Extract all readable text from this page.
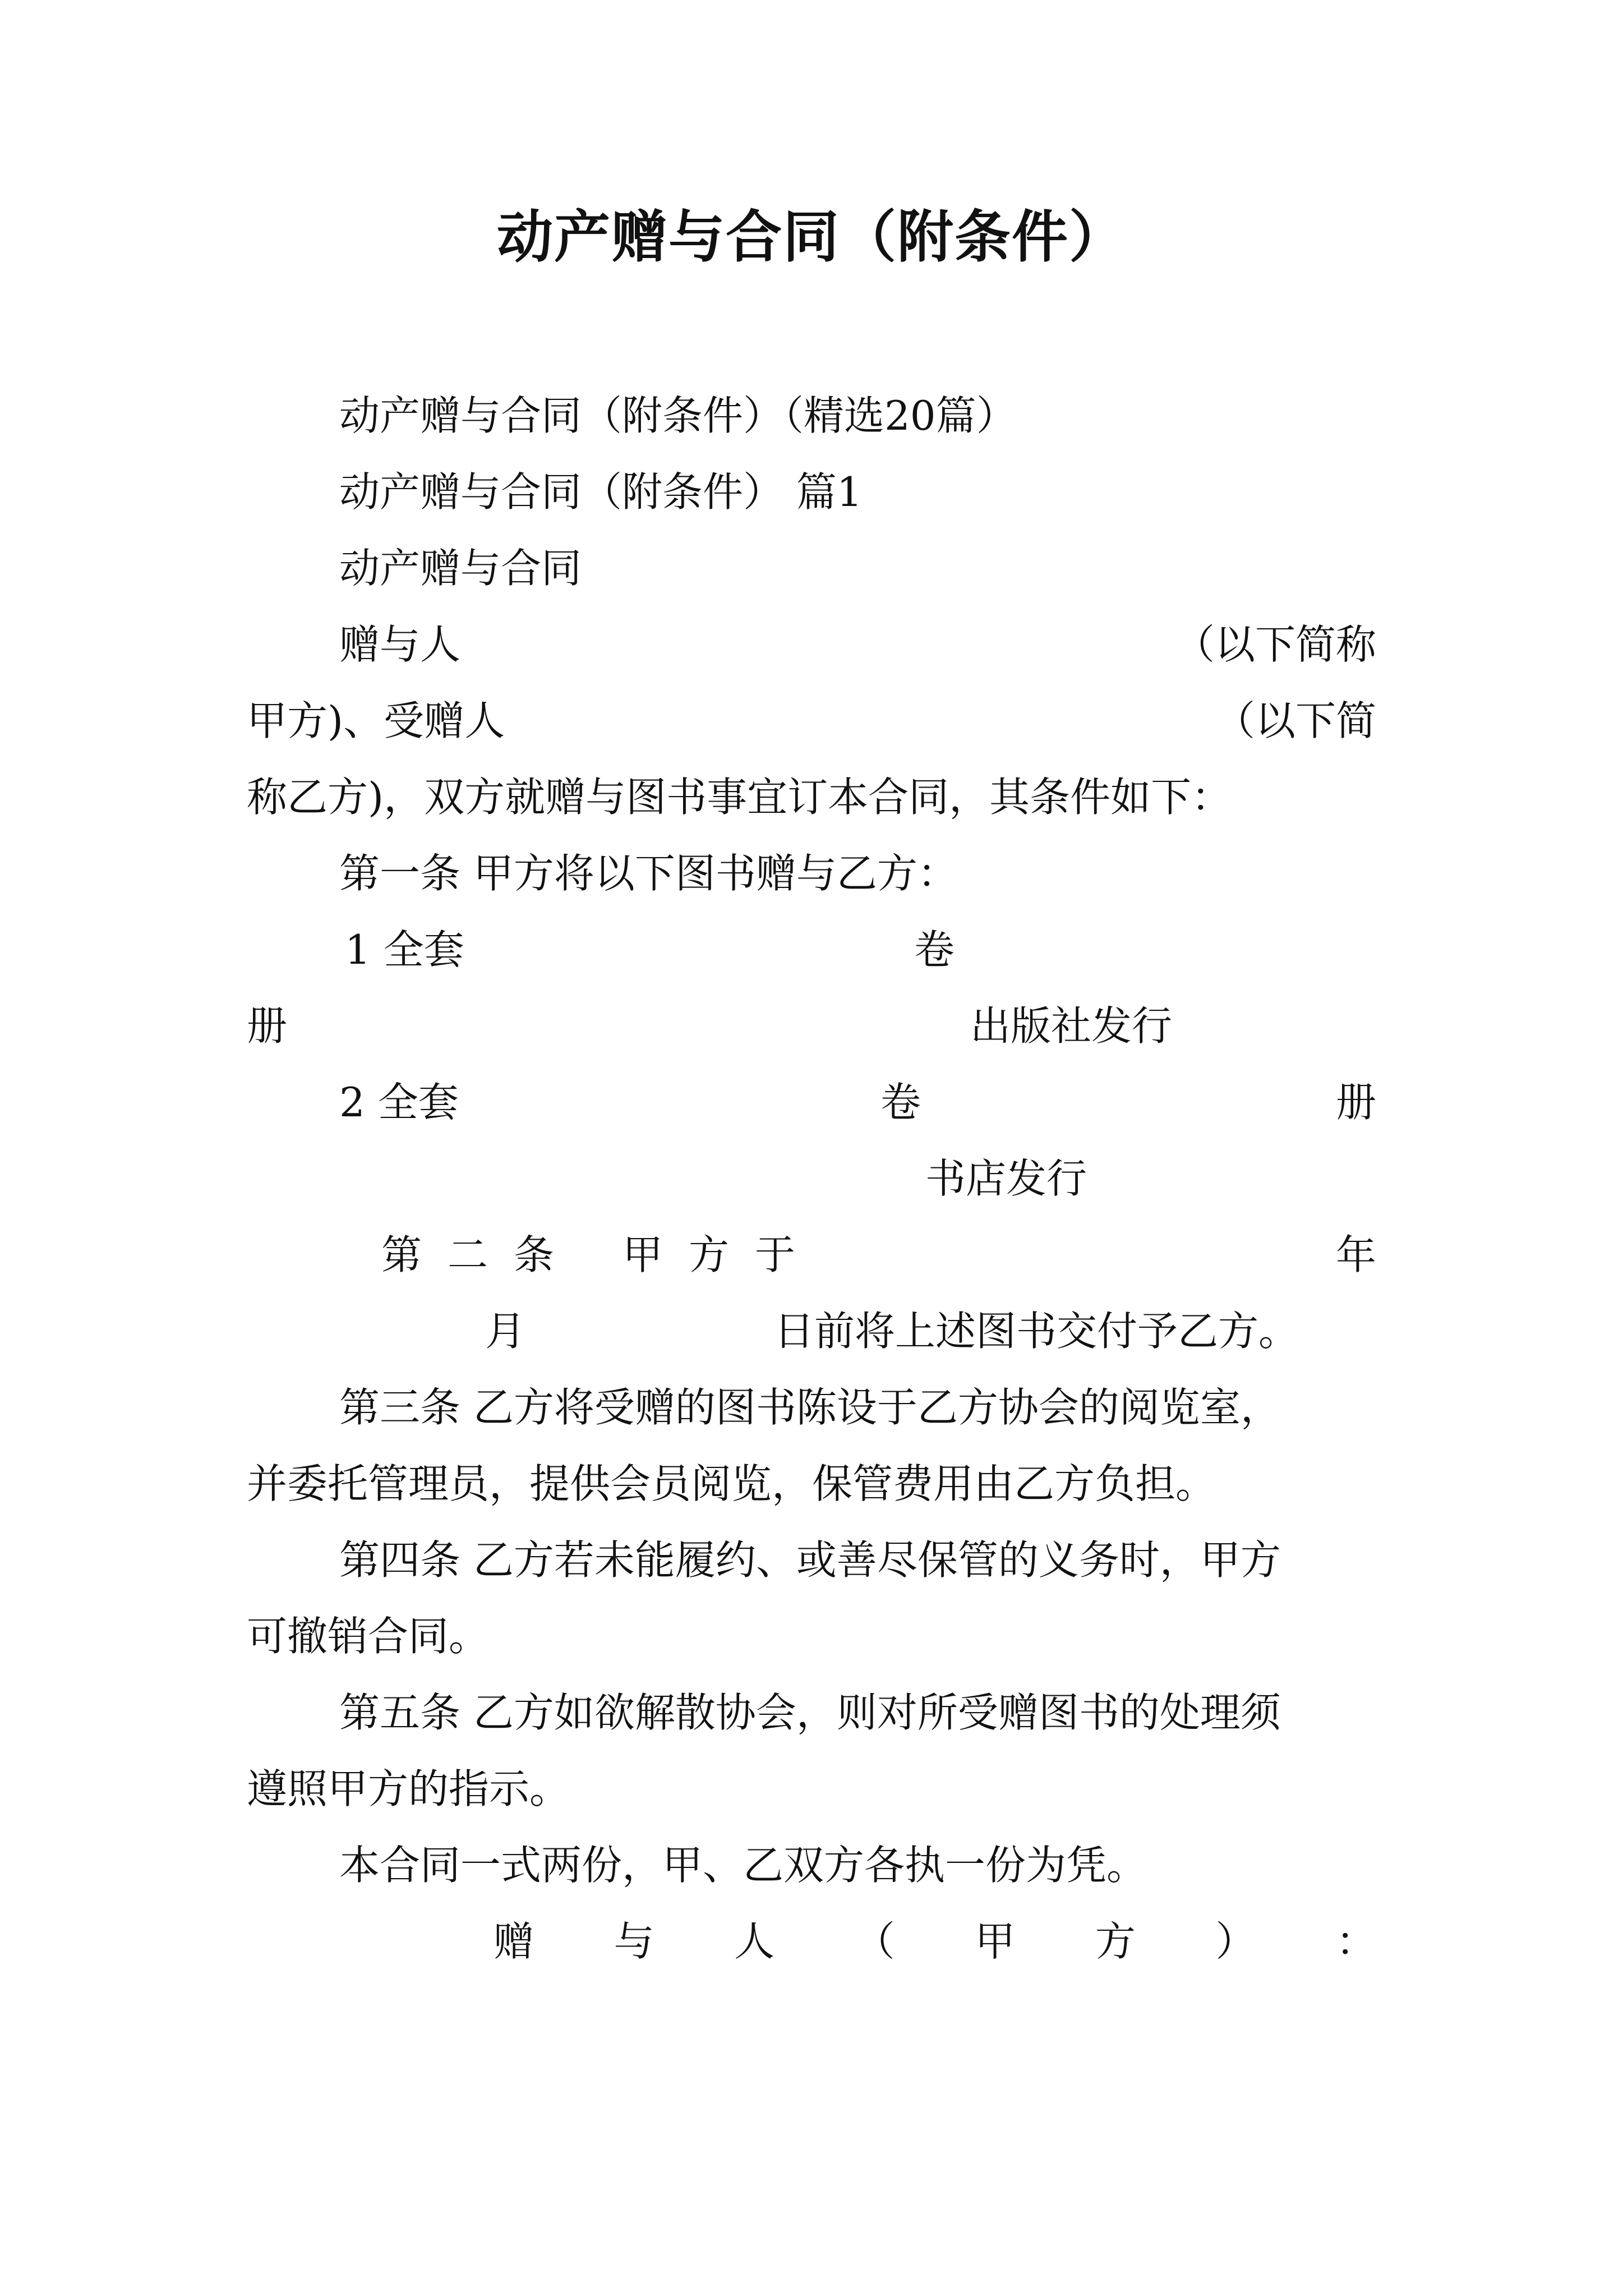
动产赠与合同（附条件）
动产赠与合同（附条件）（精选20篇）
动产赠与合同（附条件） 篇1
动产赠与合同
赠与人	（以下简称
甲方)、受赠人	（以下简
称乙方)，双方就赠与图书事宜订本合同，其条件如下：
第一条 甲方将以下图书赠与乙方：
1 全套	卷
册	出版社发行
2 全套	卷	册
书店发行
第二条 甲方于	年
月	日前将上述图书交付予乙方。
第三条 乙方将受赠的图书陈设于乙方协会的阅览室，
并委托管理员，提供会员阅览，保管费用由乙方负担。
第四条 乙方若未能履约、或善尽保管的义务时，甲方
可撤销合同。
第五条 乙方如欲解散协会，则对所受赠图书的处理须
遵照甲方的指示。
本合同一式两份，甲、乙双方各执一份为凭。
赠 与 人 （ 甲 方 ） ：
